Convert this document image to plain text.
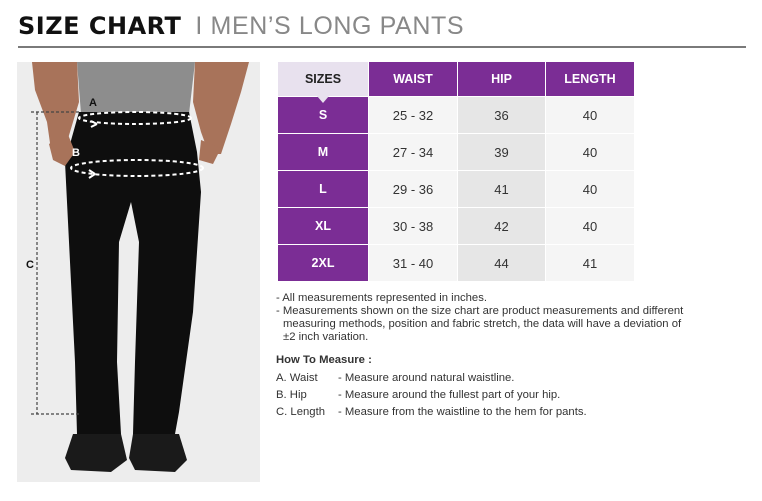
SIZE CHART I MEN’S LONG PANTS
A
B
C
SIZES	WAIST	HIP	LENGTH

S	25 - 32	36	40
M	27 - 34	39	40
L	29 - 36	41	40
XL	30 - 38	42	40
2XL	31 - 40	44	41

- All measurements represented in inches.

- Measurements shown on the size chart are product measurements and different

measuring methods, position and fabric stretch, the data will have a deviation of

±2 inch variation.

How To Measure :
A. Waist	- Measure around natural waistline.
B. Hip	- Measure around the fullest part of your hip.
C. Length	- Measure from the waistline to the hem for pants.
